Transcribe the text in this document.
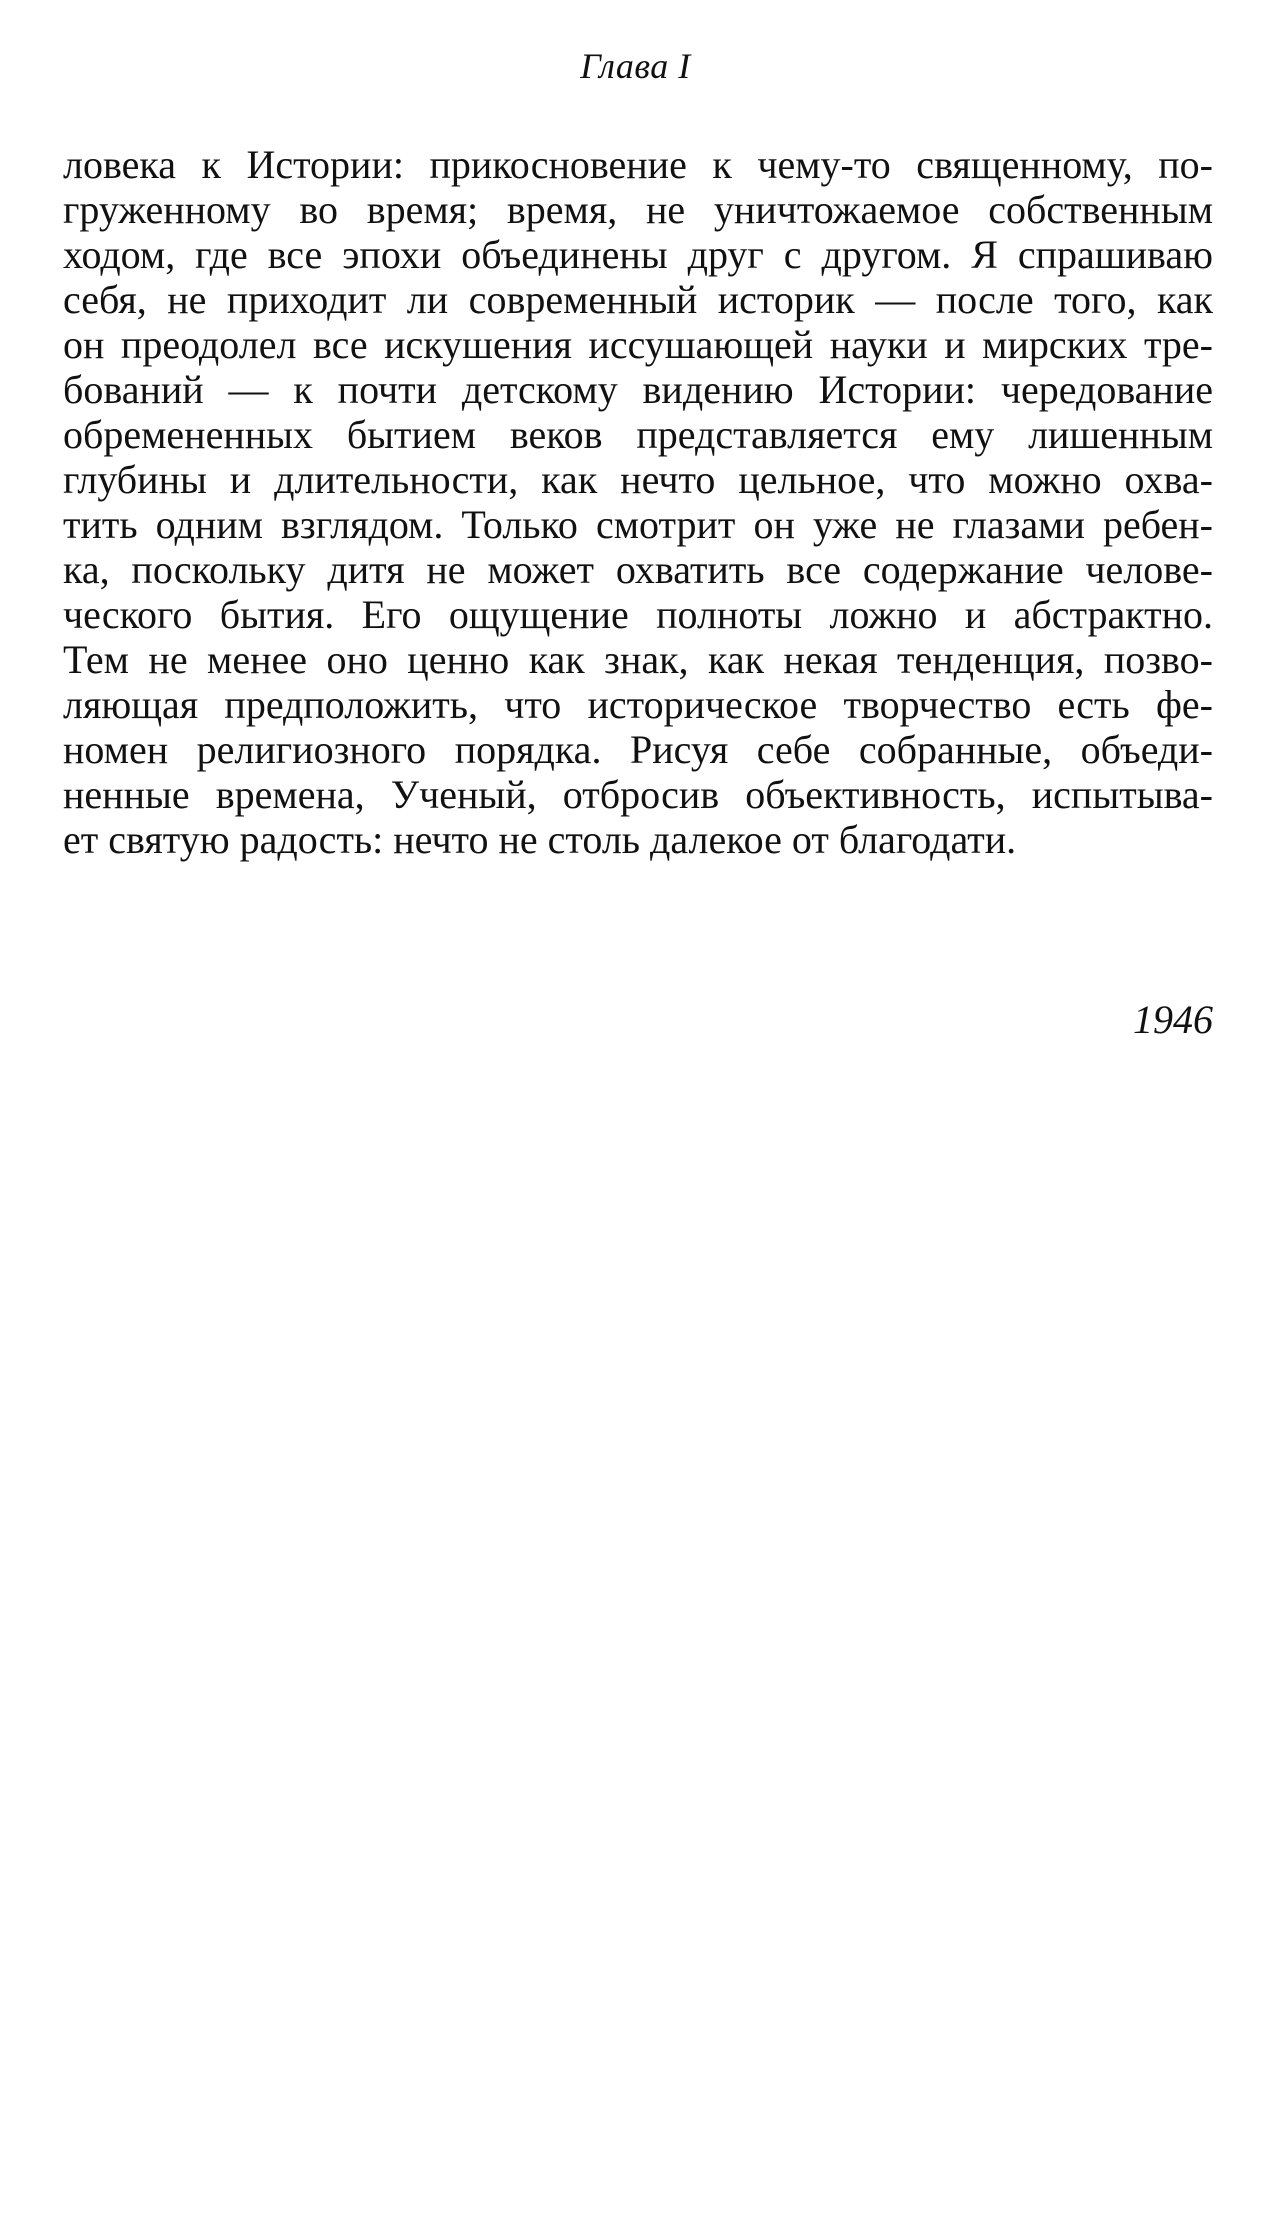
Глава I
ловека к Истории: прикосновение к чему-то священному, по-
груженному во время; время, не уничтожаемое собственным
ходом, где все эпохи объединены друг с другом. Я спрашиваю
себя, не приходит ли современный историк — после того, как
он преодолел все искушения иссушающей науки и мирских тре-
бований — к почти детскому видению Истории: чередование
обремененных бытием веков представляется ему лишенным
глубины и длительности, как нечто цельное, что можно охва-
тить одним взглядом. Только смотрит он уже не глазами ребен-
ка, поскольку дитя не может охватить все содержание челове-
ческого бытия. Его ощущение полноты ложно и абстрактно.
Тем не менее оно ценно как знак, как некая тенденция, позво-
ляющая предположить, что историческое творчество есть фе-
номен религиозного порядка. Рисуя себе собранные, объеди-
ненные времена, Ученый, отбросив объективность, испытыва-
ет святую радость: нечто не столь далекое от благодати.
1946
